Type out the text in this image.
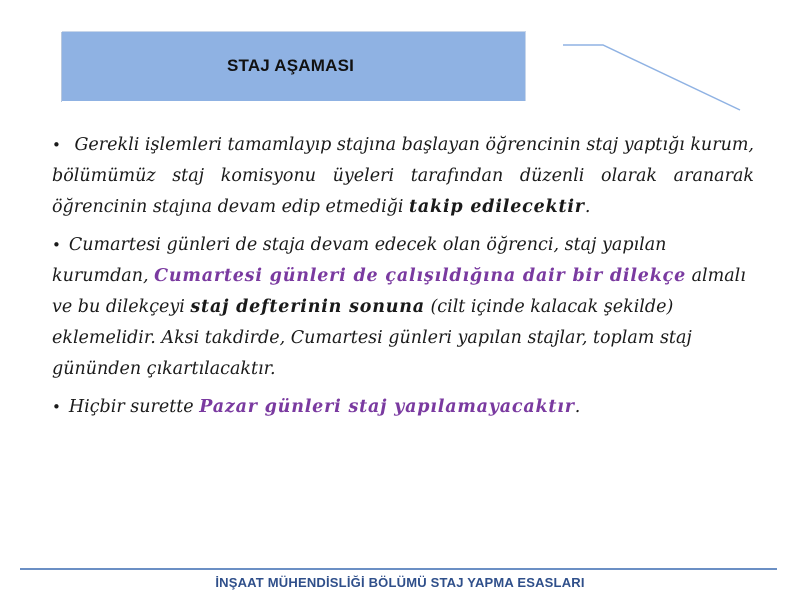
STAJ AŞAMASI

• Gerekli işlemleri tamamlayıp stajına başlayan öğrencinin staj yaptığı kurum, bölümümüz staj komisyonu üyeleri tarafından düzenli olarak aranarak öğrencinin stajına devam edip etmediği takip edilecektir.

• Cumartesi günleri de staja devam edecek olan öğrenci, staj yapılan kurumdan, Cumartesi günleri de çalışıldığına dair bir dilekçe almalı ve bu dilekçeyi staj defterinin sonuna (cilt içinde kalacak şekilde) eklemelidir. Aksi takdirde, Cumartesi günleri yapılan stajlar, toplam staj gününden çıkartılacaktır.

• Hiçbir surette Pazar günleri staj yapılamayacaktır.

İNŞAAT MÜHENDİSLİĞİ BÖLÜMÜ STAJ YAPMA ESASLARI
